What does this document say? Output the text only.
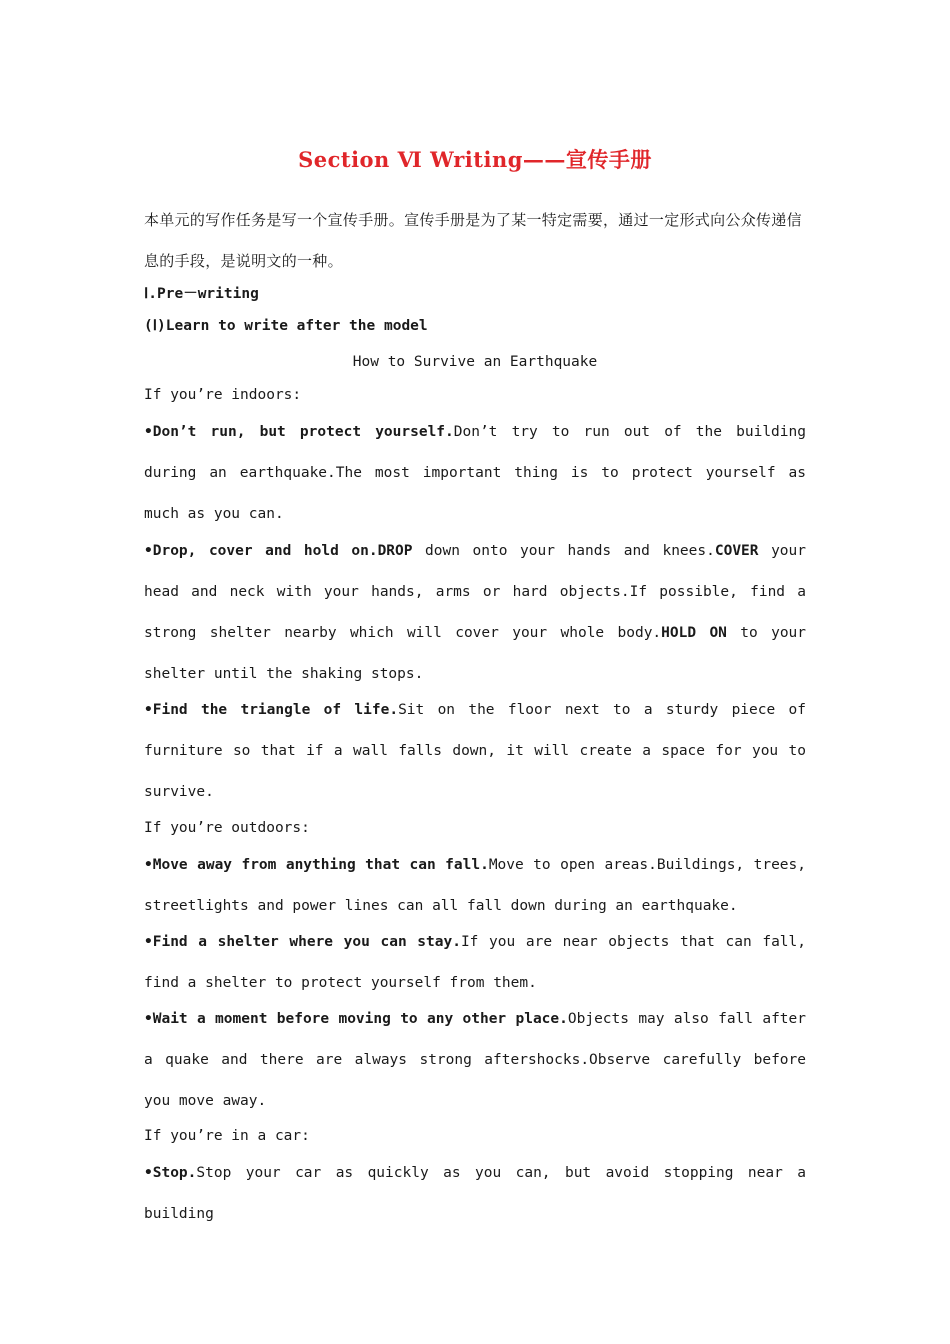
Section Ⅵ Writing——宣传手册
本单元的写作任务是写一个宣传手册。宣传手册是为了某一特定需要，通过一定形式向公众传递信息的手段，是说明文的一种。
Ⅰ.Pre－writing
(Ⅰ)Learn to write after the model
How to Survive an Earthquake
If you’re indoors:
•Don’t run, but protect yourself.Don’t try to run out of the building during an earthquake.The most important thing is to protect yourself as much as you can.
•Drop, cover and hold on.DROP down onto your hands and knees.COVER your head and neck with your hands, arms or hard objects.If possible, find a strong shelter nearby which will cover your whole body.HOLD ON to your shelter until the shaking stops.
•Find the triangle of life.Sit on the floor next to a sturdy piece of furniture so that if a wall falls down, it will create a space for you to survive.
If you’re outdoors:
•Move away from anything that can fall.Move to open areas.Buildings, trees, streetlights and power lines can all fall down during an earthquake.
•Find a shelter where you can stay.If you are near objects that can fall, find a shelter to protect yourself from them.
•Wait a moment before moving to any other place.Objects may also fall after a quake and there are always strong aftershocks.Observe carefully before you move away.
If you’re in a car:
•Stop.Stop your car as quickly as you can, but avoid stopping near a building
